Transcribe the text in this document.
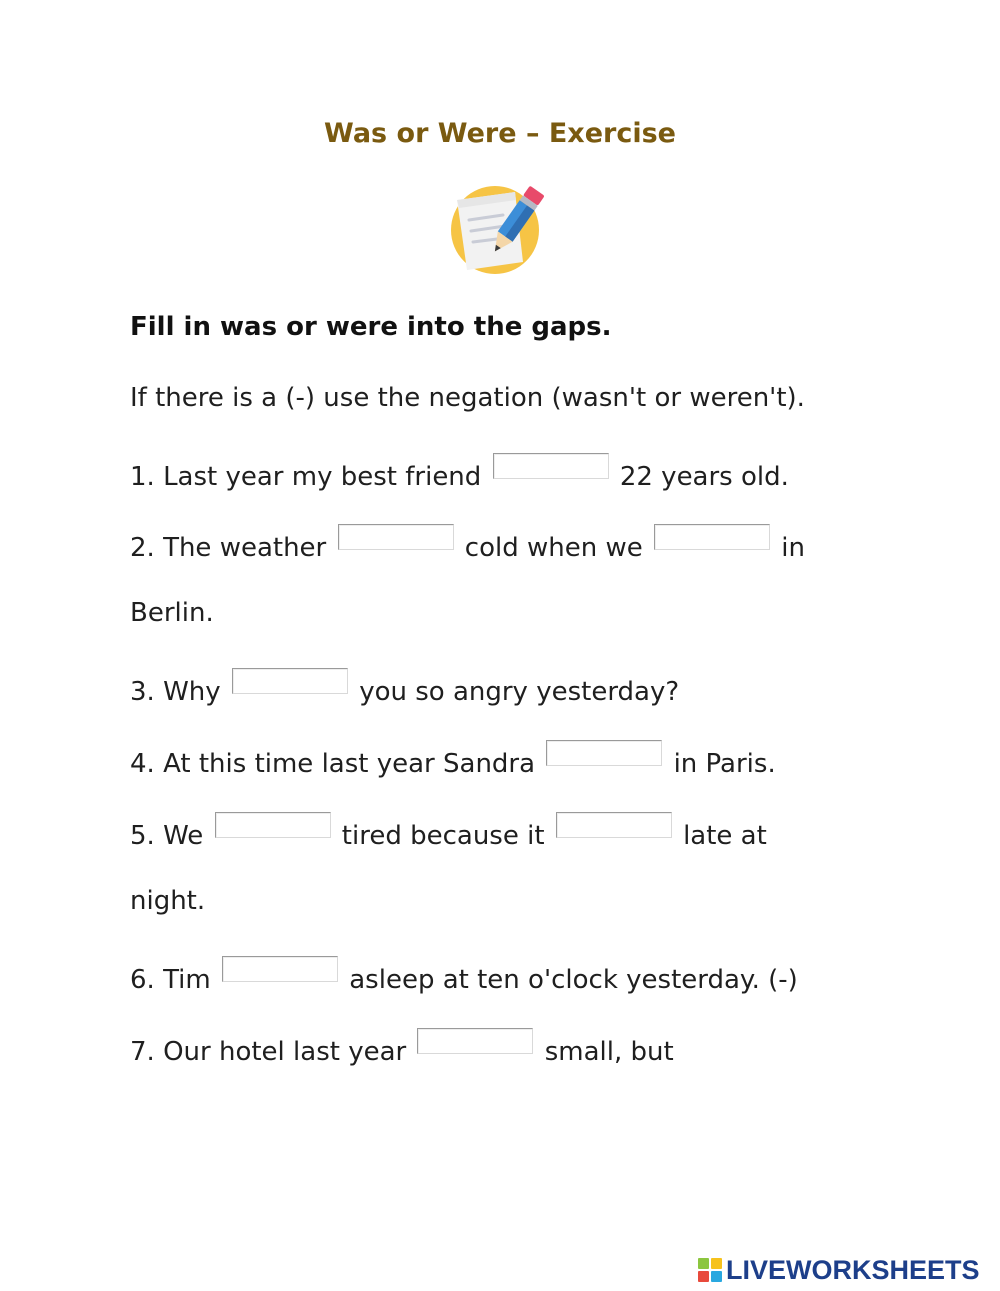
Was or Were – Exercise
Fill in was or were into the gaps.
If there is a (-) use the negation (wasn't or weren't).
1. Last year my best friend	22 years old.
2. The weather	cold when we	in
Berlin.
3. Why	you so angry yesterday?
4. At this time last year Sandra	in Paris.
5. We	tired because it	late at
night.
6. Tim	asleep at ten o'clock yesterday. (-)
7. Our hotel last year	small, but
LIVEWORKSHEETS
